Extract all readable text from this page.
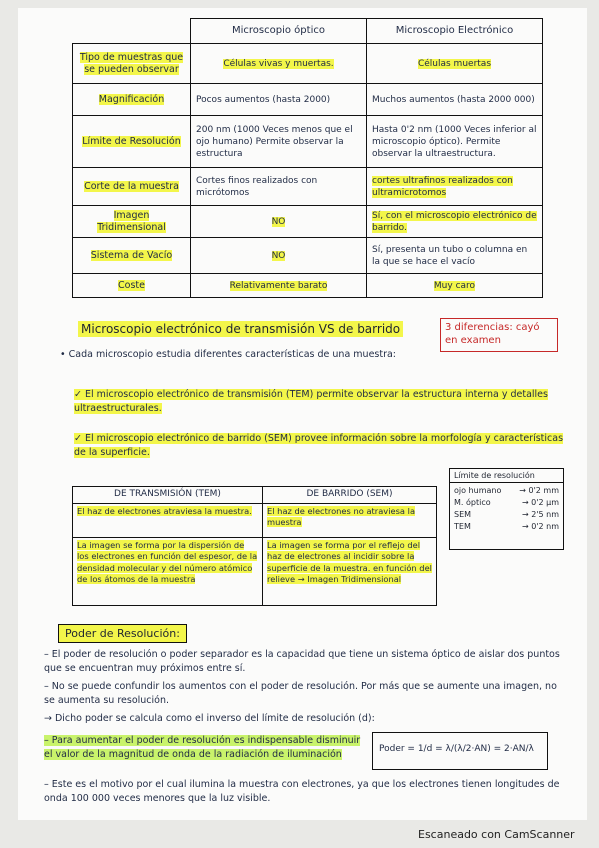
	Microscopio óptico	Microscopio Electrónico
Tipo de muestras que se pueden observar	Células vivas y muertas.	Células muertas
Magnificación	Pocos aumentos (hasta 2000)	Muchos aumentos (hasta 2000 000)
Límite de Resolución	200 nm (1000 Veces menos que el ojo humano) Permite observar la estructura	Hasta 0'2 nm (1000 Veces inferior al microscopio óptico). Permite observar la ultraestructura.
Corte de la muestra	Cortes finos realizados con micrótomos	cortes ultrafinos realizados con ultramicrotomos
Imagen Tridimensional	NO	Sí, con el microscopio electrónico de barrido.
Sistema de Vacío	NO	Sí, presenta un tubo o columna en la que se hace el vacío
Coste	Relativamente barato	Muy caro
Microscopio electrónico de transmisión VS de barrido	3 diferencias: cayó en examen
• Cada microscopio estudia diferentes características de una muestra:
✓ El microscopio electrónico de transmisión (TEM) permite observar la estructura interna y detalles ultraestructurales.
✓ El microscopio electrónico de barrido (SEM) provee información sobre la morfología y características de la superficie.
DE TRANSMISIÓN (TEM)	DE BARRIDO (SEM)
El haz de electrones atraviesa la muestra.	El haz de electrones no atraviesa la muestra
La imagen se forma por la dispersión de los electrones en función del espesor, de la densidad molecular y del número atómico de los átomos de la muestra	La imagen se forma por el reflejo del haz de electrones al incidir sobre la superficie de la muestra. en función del relieve → Imagen Tridimensional
Límite de resolución
ojo humano → 0'2 mm
M. óptico	→ 0'2 μm
SEM	→ 2'5 nm
TEM	→ 0'2 nm
Poder de Resolución:
– El poder de resolución o poder separador es la capacidad que tiene un sistema óptico de aislar dos puntos que se encuentran muy próximos entre sí.
– No se puede confundir los aumentos con el poder de resolución. Por más que se aumente una imagen, no se aumenta su resolución.
→ Dicho poder se calcula como el inverso del límite de resolución (d):
– Para aumentar el poder de resolución es indispensable disminuir el valor de la magnitud de onda de la radiación de iluminación	Poder = 1/d = λ/(λ/2·AN) = 2·AN/λ
– Este es el motivo por el cual ilumina la muestra con electrones, ya que los electrones tienen longitudes de onda 100 000 veces menores que la luz visible.
Escaneado con CamScanner
